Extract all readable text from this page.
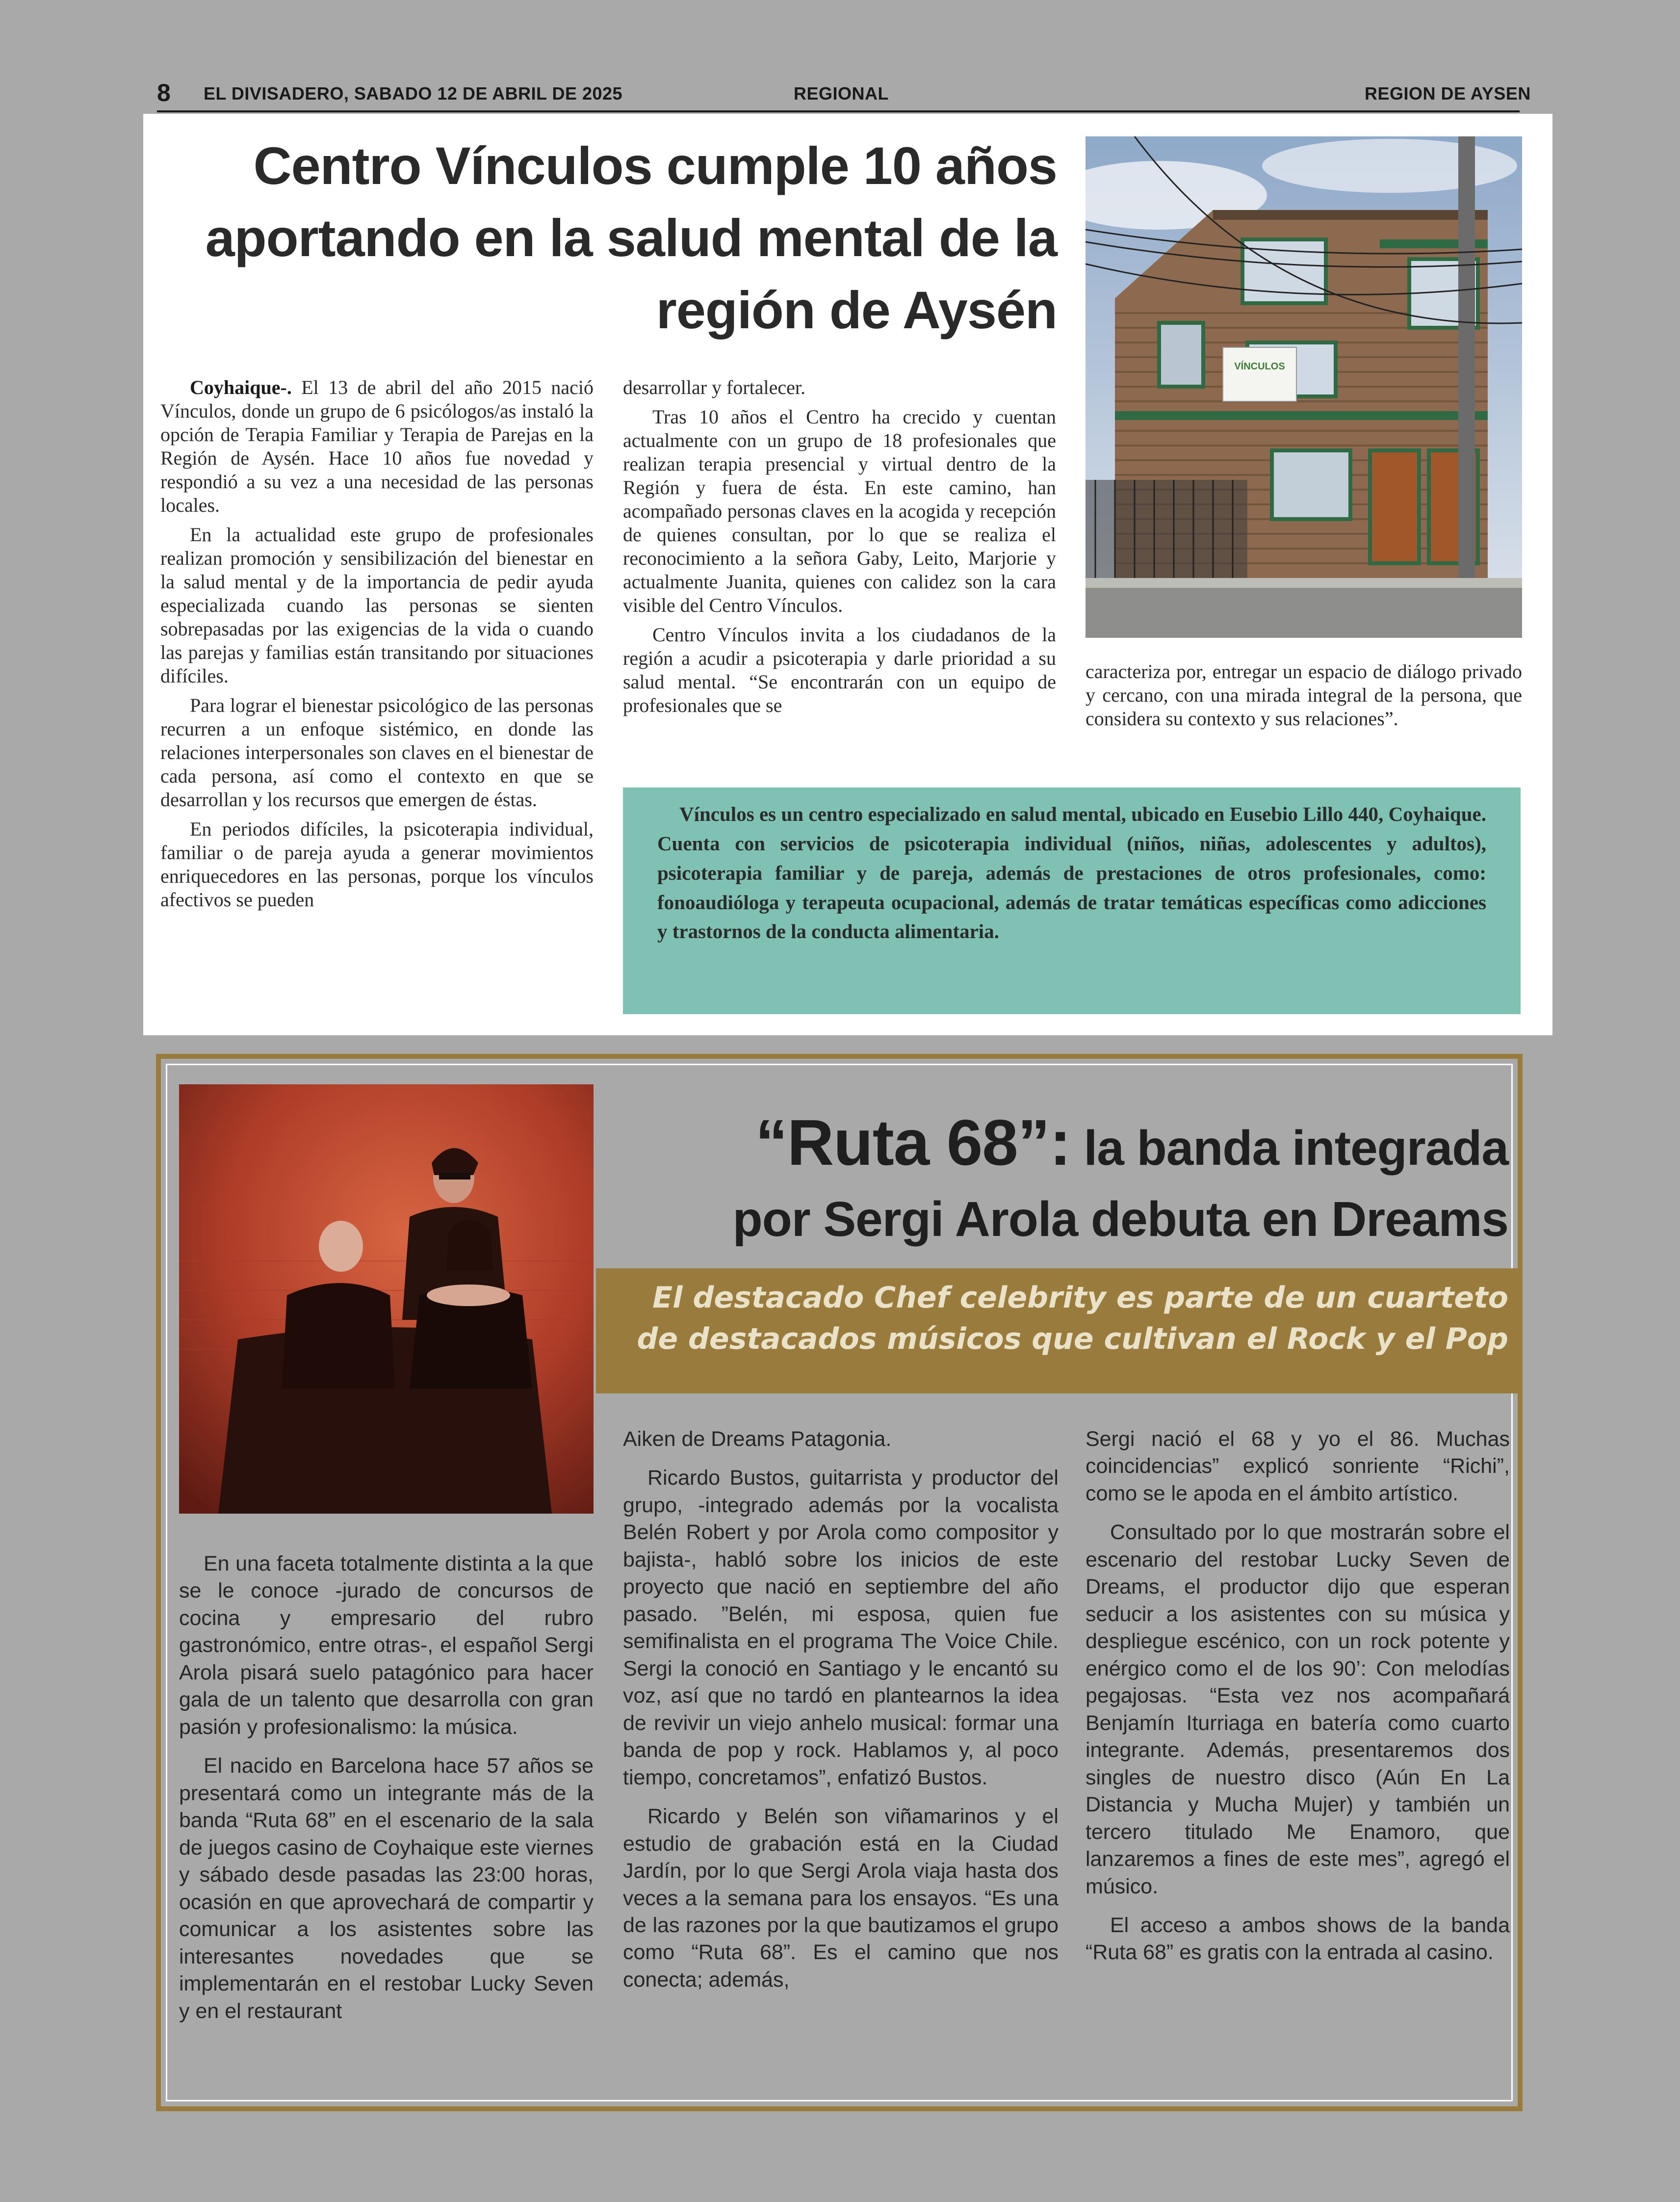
8 EL DIVISADERO, SABADO 12 DE ABRIL DE 2025	REGIONAL	REGION DE AYSEN
Centro Vínculos cumple 10 años aportando en la salud mental de la región de Aysén

Coyhaique-. El 13 de abril del año 2015 nació Vínculos, donde un grupo de 6 psicólogos/as instaló la opción de Terapia Familiar y Terapia de Parejas en la Región de Aysén. Hace 10 años fue novedad y respondió a su vez a una necesidad de las personas locales.

En la actualidad este grupo de profesionales realizan promoción y sensibilización del bienestar en la salud mental y de la importancia de pedir ayuda especializada cuando las personas se sienten sobrepasadas por las exigencias de la vida o cuando las parejas y familias están transitando por situaciones difíciles.

Para lograr el bienestar psicológico de las personas recurren a un enfoque sistémico, en donde las relaciones interpersonales son claves en el bienestar de cada persona, así como el contexto en que se desarrollan y los recursos que emergen de éstas.

En periodos difíciles, la psicoterapia individual, familiar o de pareja ayuda a generar movimientos enriquecedores en las personas, porque los vínculos afectivos se pueden

desarrollar y fortalecer.

Tras 10 años el Centro ha crecido y cuentan actualmente con un grupo de 18 profesionales que realizan terapia presencial y virtual dentro de la Región y fuera de ésta. En este camino, han acompañado personas claves en la acogida y recepción de quienes consultan, por lo que se realiza el reconocimiento a la señora Gaby, Leito, Marjorie y actualmente Juanita, quienes con calidez son la cara visible del Centro Vínculos.

Centro Vínculos invita a los ciudadanos de la región a acudir a psicoterapia y darle prioridad a su salud mental. “Se encontrarán con un equipo de profesionales que se

caracteriza por, entregar un espacio de diálogo privado y cercano, con una mirada integral de la persona, que considera su contexto y sus relaciones”.

Vínculos es un centro especializado en salud mental, ubicado en Eusebio Lillo 440, Coyhaique. Cuenta con servicios de psicoterapia individual (niños, niñas, adolescentes y adultos), psicoterapia familiar y de pareja, además de prestaciones de otros profesionales, como: fonoaudióloga y terapeuta ocupacional, además de tratar temáticas específicas como adicciones y trastornos de la conducta alimentaria.
VÍNCULOS
“Ruta 68”: la banda integrada
por Sergi Arola debuta en Dreams
El destacado Chef celebrity es parte de un cuarteto de destacados músicos que cultivan el Rock y el Pop

En una faceta totalmente distinta a la que se le conoce -jurado de concursos de cocina y empresario del rubro gastronómico, entre otras-, el español Sergi Arola pisará suelo patagónico para hacer gala de un talento que desarrolla con gran pasión y profesionalismo: la música.

El nacido en Barcelona hace 57 años se presentará como un integrante más de la banda “Ruta 68” en el escenario de la sala de juegos casino de Coyhaique este viernes y sábado desde pasadas las 23:00 horas, ocasión en que aprovechará de compartir y comunicar a los asistentes sobre las interesantes novedades que se implementarán en el restobar Lucky Seven y en el restaurant

Aiken de Dreams Patagonia.

Ricardo Bustos, guitarrista y productor del grupo, -integrado además por la vocalista Belén Robert y por Arola como compositor y bajista-, habló sobre los inicios de este proyecto que nació en septiembre del año pasado. ”Belén, mi esposa, quien fue semifinalista en el programa The Voice Chile. Sergi la conoció en Santiago y le encantó su voz, así que no tardó en plantearnos la idea de revivir un viejo anhelo musical: formar una banda de pop y rock. Hablamos y, al poco tiempo, concretamos”, enfatizó Bustos.

Ricardo y Belén son viñamarinos y el estudio de grabación está en la Ciudad Jardín, por lo que Sergi Arola viaja hasta dos veces a la semana para los ensayos. “Es una de las razones por la que bautizamos el grupo como “Ruta 68”. Es el camino que nos conecta; además,

Sergi nació el 68 y yo el 86. Muchas coincidencias” explicó sonriente “Richi”, como se le apoda en el ámbito artístico.

Consultado por lo que mostrarán sobre el escenario del restobar Lucky Seven de Dreams, el productor dijo que esperan seducir a los asistentes con su música y despliegue escénico, con un rock potente y enérgico como el de los 90’: Con melodías pegajosas. “Esta vez nos acompañará Benjamín Iturriaga en batería como cuarto integrante. Además, presentaremos dos singles de nuestro disco (Aún En La Distancia y Mucha Mujer) y también un tercero titulado Me Enamoro, que lanzaremos a fines de este mes”, agregó el músico.

El acceso a ambos shows de la banda “Ruta 68” es gratis con la entrada al casino.
